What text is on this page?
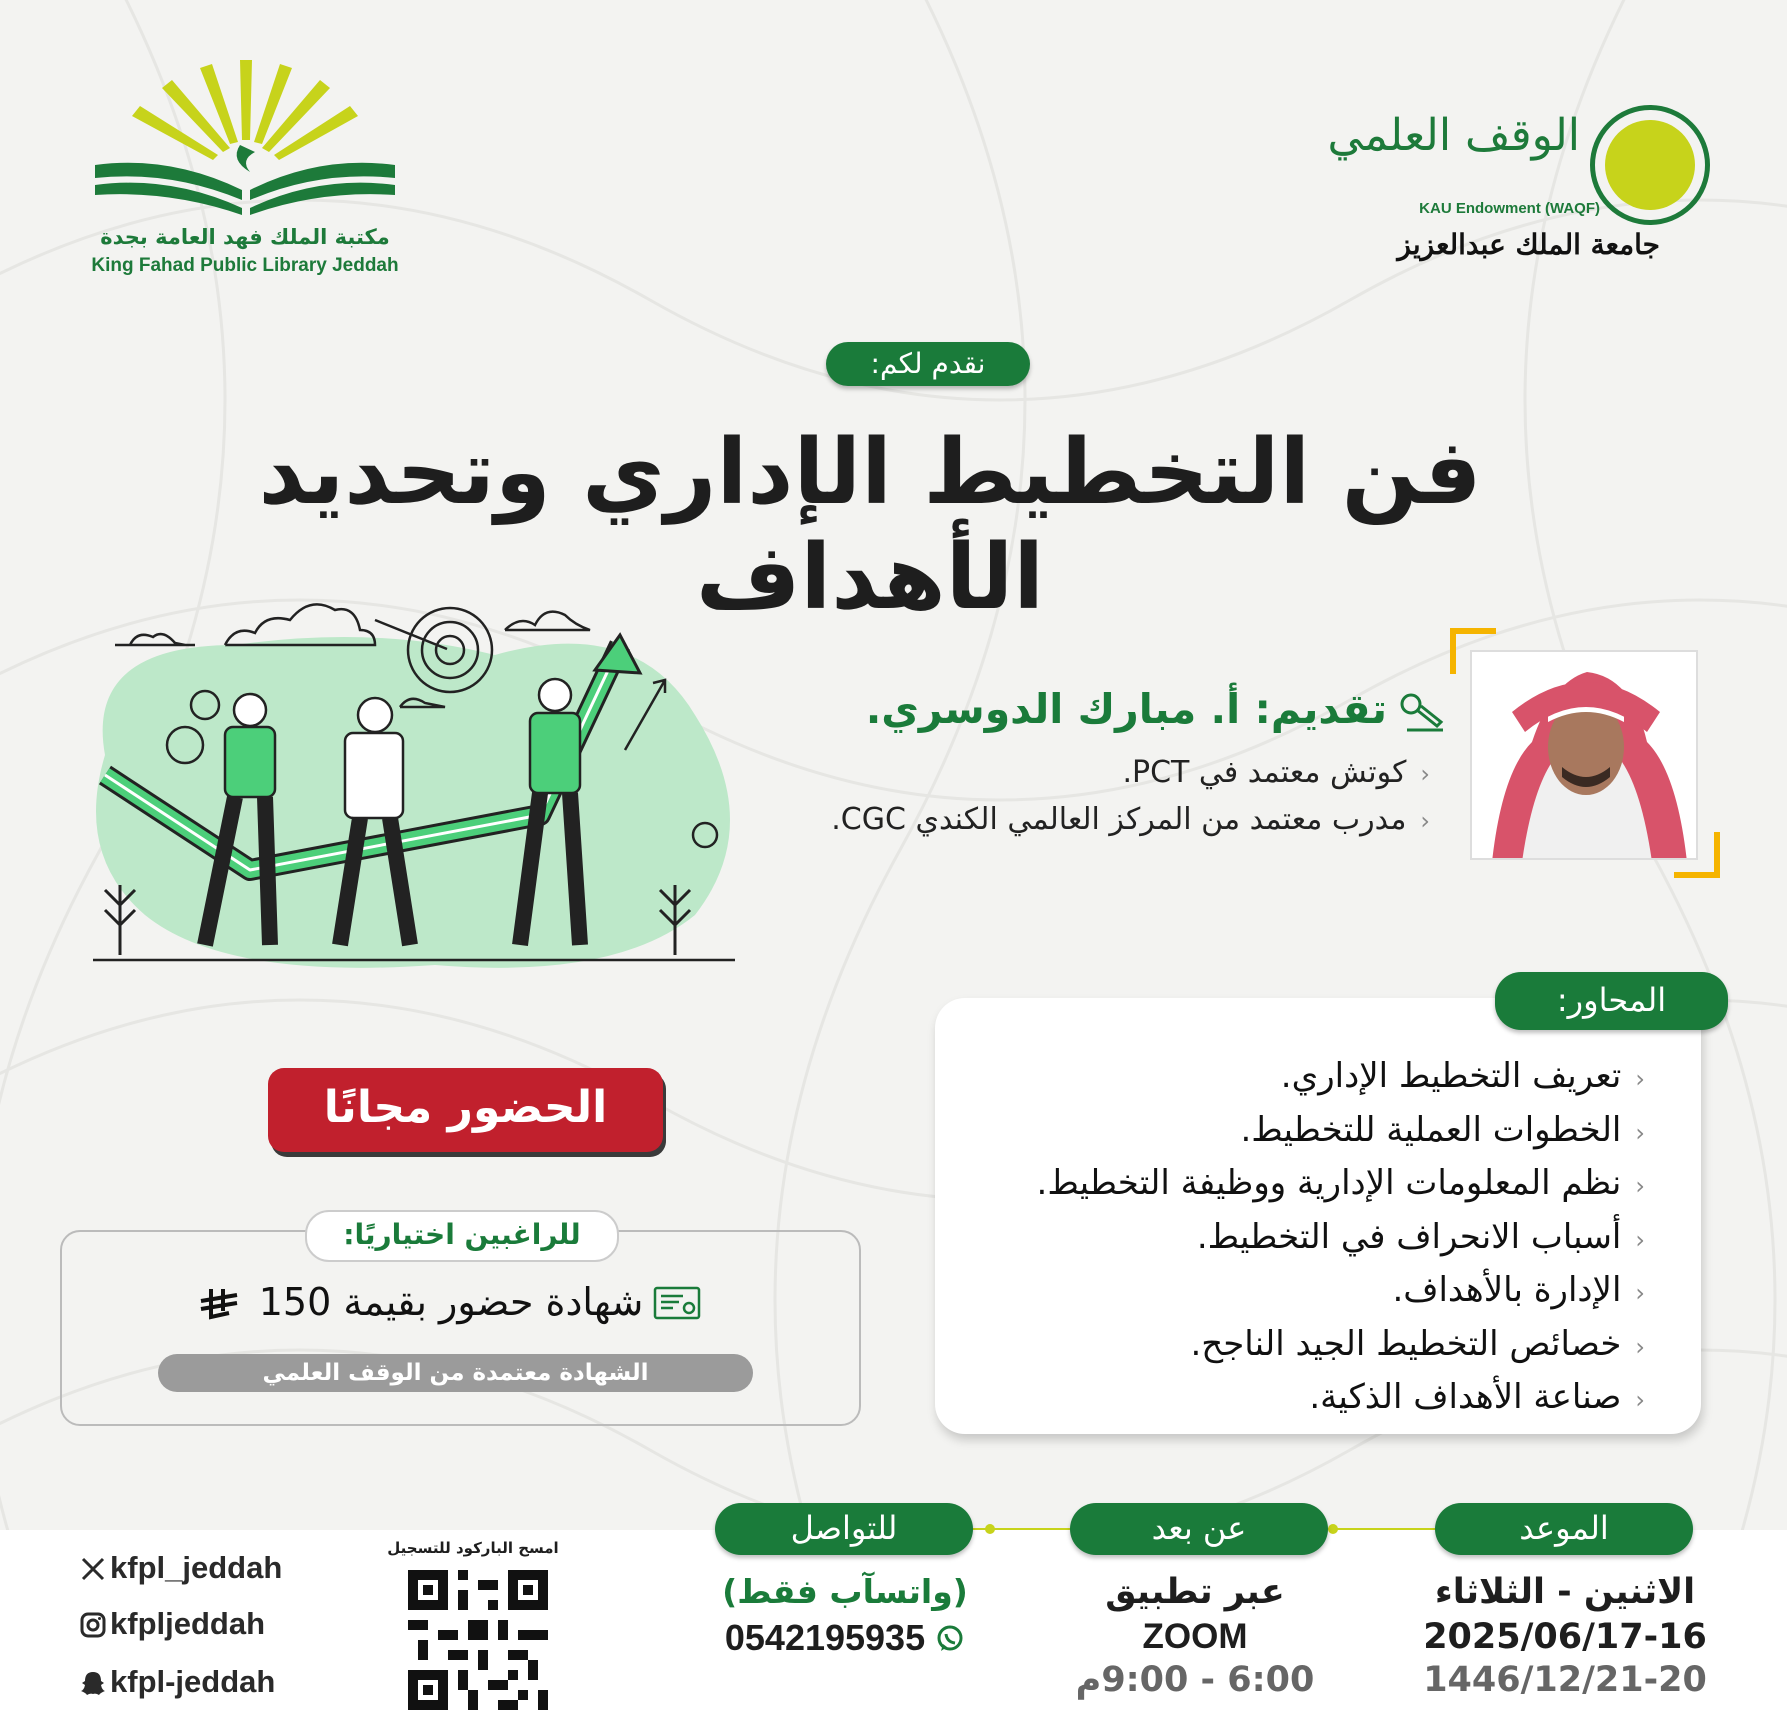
مكتبة الملك فهد العامة بجدة
King Fahad Public Library Jeddah
الوقف العلمي
KAU Endowment (WAQF)
جامعة الملك عبدالعزيز
نقدم لكم:
فن التخطيط الإداري وتحديد الأهداف
تقديم: أ. مبارك الدوسري.
‹كوتش معتمد في PCT.
‹مدرب معتمد من المركز العالمي الكندي CGC.
المحاور:
‹تعريف التخطيط الإداري.
‹الخطوات العملية للتخطيط.
‹نظم المعلومات الإدارية ووظيفة التخطيط.
‹أسباب الانحراف في التخطيط.
‹الإدارة بالأهداف.
‹خصائص التخطيط الجيد الناجح.
‹صناعة الأهداف الذكية.
الحضور مجانًا
للراغبين اختياريًا:
شهادة حضور بقيمة 150
الشهادة معتمدة من الوقف العلمي
الموعد
الاثنين - الثلاثاء
2025/06/17-16
1446/12/21-20
عن بعد
عبر تطبيق
ZOOM
6:00 - 9:00م
للتواصل
(واتسآب فقط)
0542195935
امسح الباركود للتسجيل
kfpl_jeddah
kfpljeddah
kfpl-jeddah
